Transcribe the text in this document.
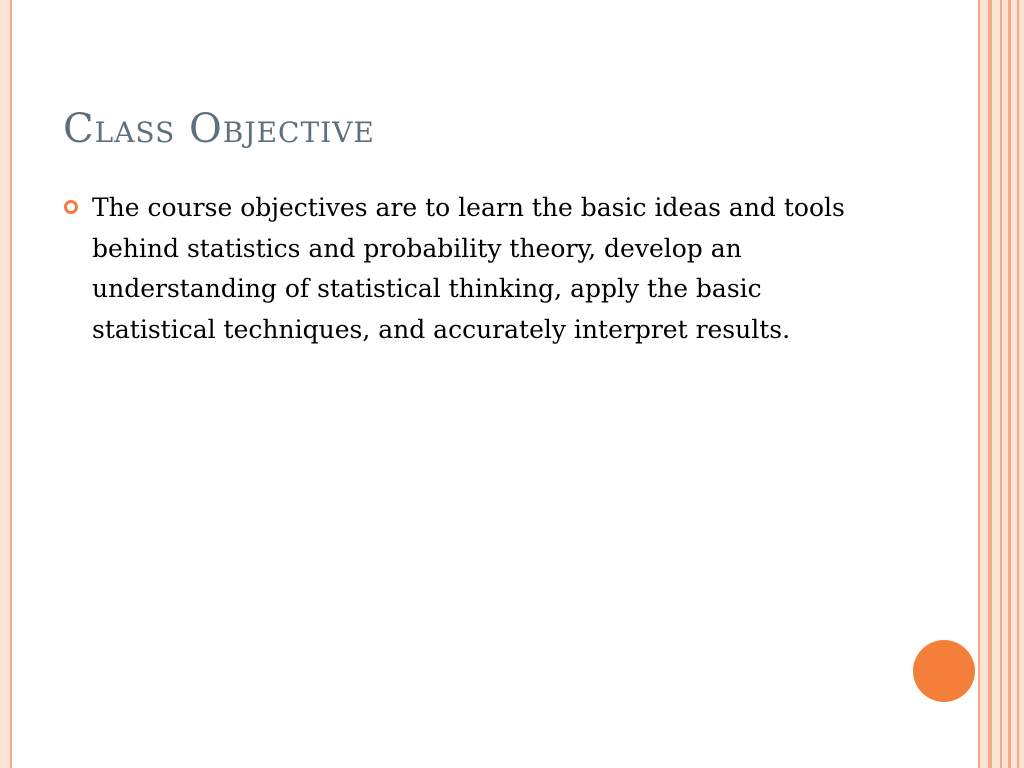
Class Objective

The course objectives are to learn the basic ideas and tools behind statistics and probability theory, develop an understanding of statistical thinking, apply the basic statistical techniques, and accurately interpret results.
